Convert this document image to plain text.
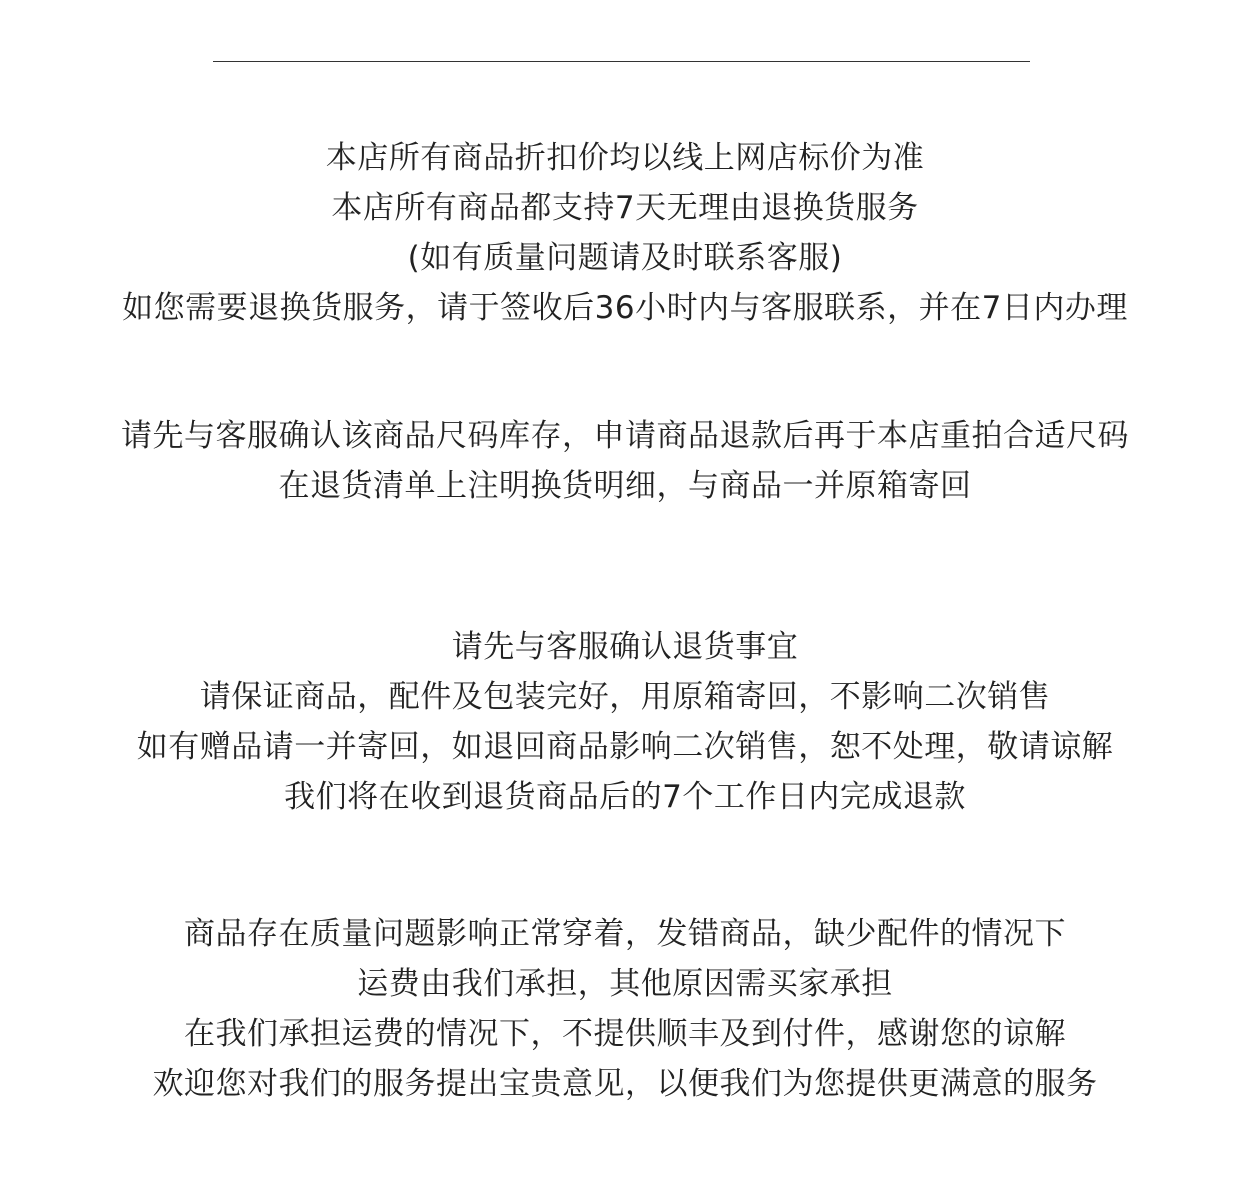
本店所有商品折扣价均以线上网店标价为准
本店所有商品都支持7天无理由退换货服务
(如有质量问题请及时联系客服)
如您需要退换货服务，请于签收后36小时内与客服联系，并在7日内办理
请先与客服确认该商品尺码库存，申请商品退款后再于本店重拍合适尺码
在退货清单上注明换货明细，与商品一并原箱寄回
请先与客服确认退货事宜
请保证商品，配件及包装完好，用原箱寄回，不影响二次销售
如有赠品请一并寄回，如退回商品影响二次销售，恕不处理，敬请谅解
我们将在收到退货商品后的7个工作日内完成退款
商品存在质量问题影响正常穿着，发错商品，缺少配件的情况下
运费由我们承担，其他原因需买家承担
在我们承担运费的情况下，不提供顺丰及到付件，感谢您的谅解
欢迎您对我们的服务提出宝贵意见，以便我们为您提供更满意的服务
